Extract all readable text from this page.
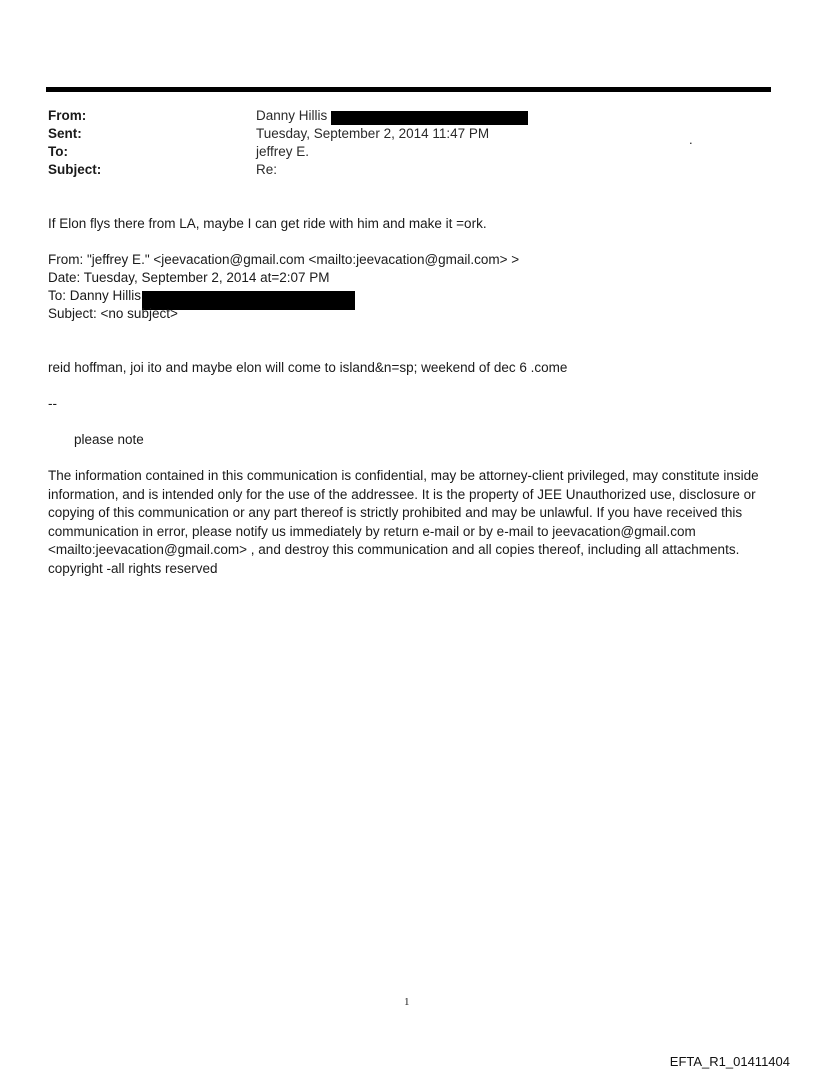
From:	Danny Hillis
Sent:	Tuesday, September 2, 2014 11:47 PM
To:	jeffrey E.
Subject:	Re:
.
If Elon flys there from LA, maybe I can get ride with him and make it =ork.
From: "jeffrey E." <jeevacation@gmail.com <mailto:jeevacation@gmail.com> >
Date: Tuesday, September 2, 2014 at=2:07 PM
To: Danny Hillis
Subject: <no subject>
reid hoffman, joi ito and maybe elon will come to island&n=sp; weekend of dec 6 .come
--
please note
The information contained in this communication is confidential, may be attorney-client privileged, may constitute inside information, and is intended only for the use of the addressee. It is the property of JEE Unauthorized use, disclosure or copying of this communication or any part thereof is strictly prohibited and may be unlawful. If you have received this communication in error, please notify us immediately by return e-mail or by e-mail to jeevacation@gmail.com <mailto:jeevacation@gmail.com> , and destroy this communication and all copies thereof, including all attachments. copyright -all rights reserved
1
EFTA_R1_01411404
